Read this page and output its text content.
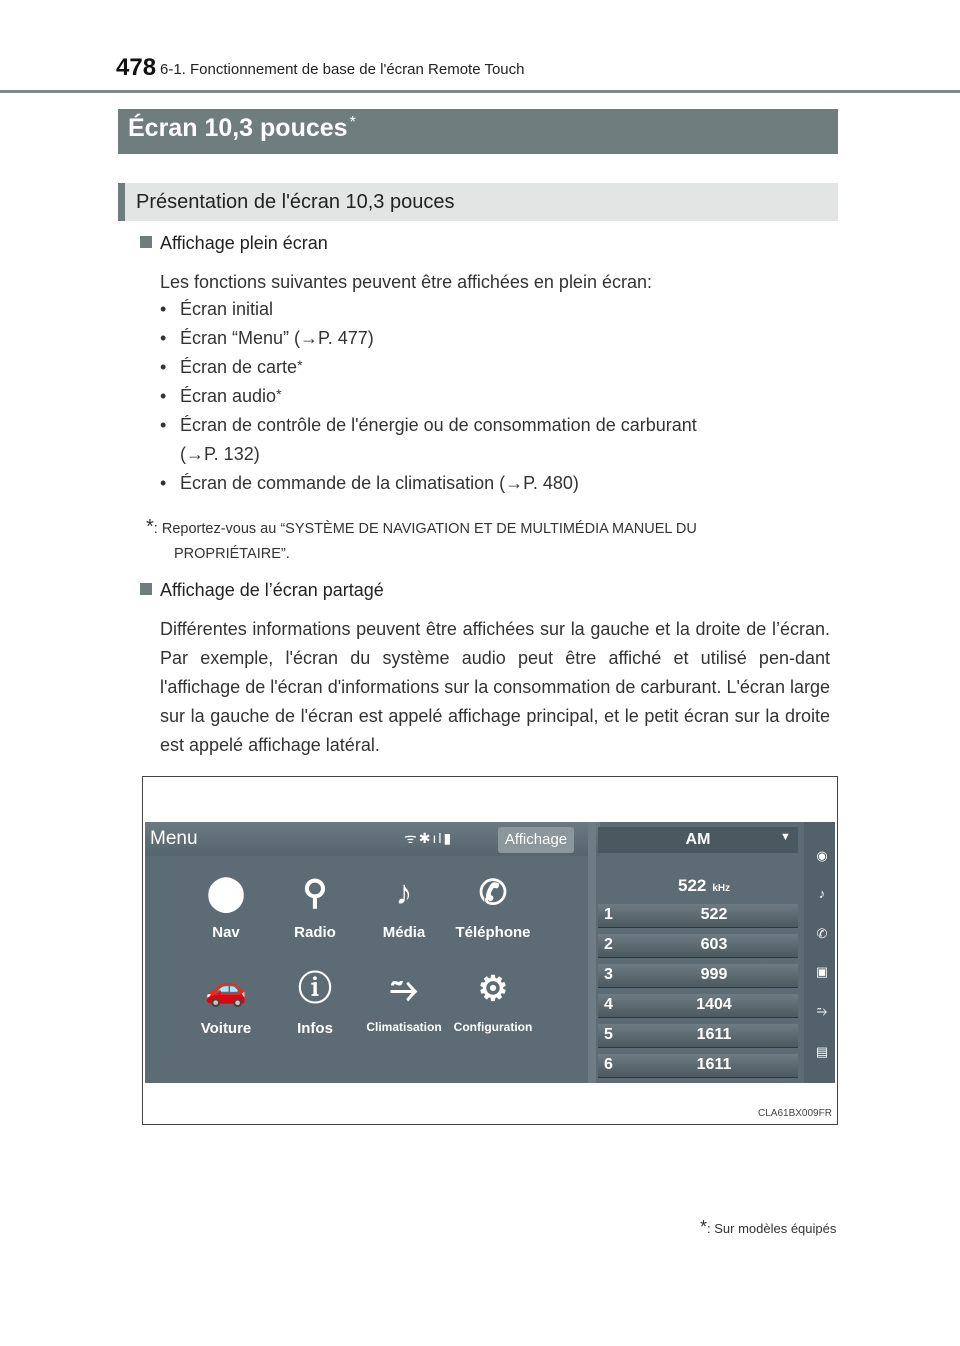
478 6-1. Fonctionnement de base de l'écran Remote Touch
Écran 10,3 pouces *
Présentation de l'écran 10,3 pouces
Affichage plein écran
Les fonctions suivantes peuvent être affichées en plein écran:
• Écran initial
• Écran “Menu” (→P. 477)
• Écran de carte*
• Écran audio*
• Écran de contrôle de l'énergie ou de consommation de carburant
(→P. 132)
• Écran de commande de la climatisation (→P. 480)
*: Reportez-vous au “SYSTÈME DE NAVIGATION ET DE MULTIMÉDIA MANUEL DU
PROPRIÉTAIRE”.
Affichage de l’écran partagé
Différentes informations peuvent être affichées sur la gauche et la droite de l’écran. Par exemple, l'écran du système audio peut être affiché et utilisé pen-dant l'affichage de l'écran d'informations sur la consommation de carburant. L'écran large sur la gauche de l'écran est appelé affichage principal, et le petit écran sur la droite est appelé affichage latéral.
Menu	ᯤ✱ıl▮	Affichage
⬤
Nav
⚲
Radio
♪
Média
✆
Téléphone
🚗
Voiture
ⓘ
Infos
⥲
Climatisation
⚙
Configuration
AM	▼
522 kHz
1	522
2	603
3	999
4	1404
5	1611
6	1611
◉
♪
✆
▣
⥲
▤
CLA61BX009FR
*: Sur modèles équipés
